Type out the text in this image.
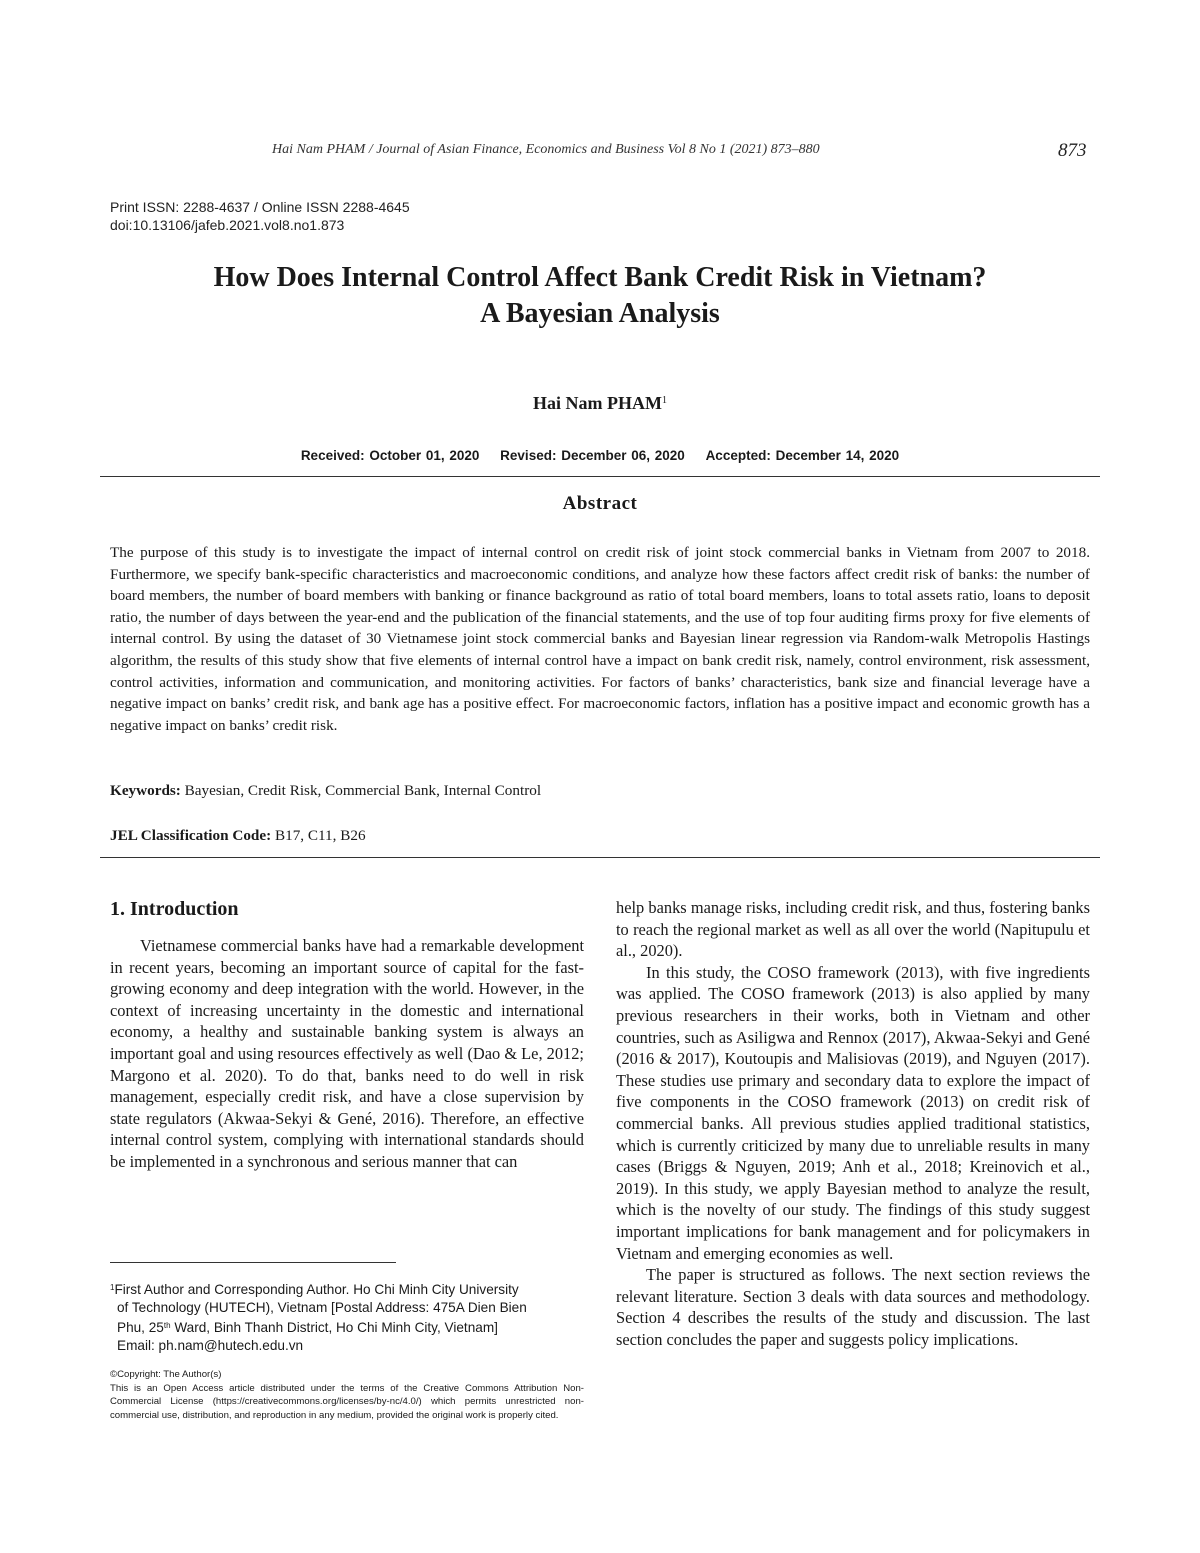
Hai Nam PHAM / Journal of Asian Finance, Economics and Business Vol 8 No 1 (2021) 873–880	873
Print ISSN: 2288-4637 / Online ISSN 2288-4645
doi:10.13106/jafeb.2021.vol8.no1.873
How Does Internal Control Affect Bank Credit Risk in Vietnam?
A Bayesian Analysis
Hai Nam PHAM$^1$
Received: October 01, 2020 Revised: December 06, 2020 Accepted: December 14, 2020
Abstract
The purpose of this study is to investigate the impact of internal control on credit risk of joint stock commercial banks in Vietnam from 2007 to 2018. Furthermore, we specify bank-specific characteristics and macroeconomic conditions, and analyze how these factors affect credit risk of banks: the number of board members, the number of board members with banking or finance background as ratio of total board members, loans to total assets ratio, loans to deposit ratio, the number of days between the year-end and the publication of the financial statements, and the use of top four auditing firms proxy for five elements of internal control. By using the dataset of 30 Vietnamese joint stock commercial banks and Bayesian linear regression via Random-walk Metropolis Hastings algorithm, the results of this study show that five elements of internal control have a impact on bank credit risk, namely, control environment, risk assessment, control activities, information and communication, and monitoring activities. For factors of banks’ characteristics, bank size and financial leverage have a negative impact on banks’ credit risk, and bank age has a positive effect. For macroeconomic factors, inflation has a positive impact and economic growth has a negative impact on banks’ credit risk.
Keywords: Bayesian, Credit Risk, Commercial Bank, Internal Control
JEL Classification Code: B17, C11, B26
1. Introduction

Vietnamese commercial banks have had a remarkable development in recent years, becoming an important source of capital for the fast-growing economy and deep integration with the world. However, in the context of increasing uncertainty in the domestic and international economy, a healthy and sustainable banking system is always an important goal and using resources effectively as well (Dao & Le, 2012; Margono et al. 2020). To do that, banks need to do well in risk management, especially credit risk, and have a close supervision by state regulators (Akwaa-Sekyi & Gené, 2016). Therefore, an effective internal control system, complying with international standards should be implemented in a synchronous and serious manner that can

help banks manage risks, including credit risk, and thus, fostering banks to reach the regional market as well as all over the world (Napitupulu et al., 2020).

In this study, the COSO framework (2013), with five ingredients was applied. The COSO framework (2013) is also applied by many previous researchers in their works, both in Vietnam and other countries, such as Asiligwa and Rennox (2017), Akwaa-Sekyi and Gené (2016 & 2017), Koutoupis and Malisiovas (2019), and Nguyen (2017). These studies use primary and secondary data to explore the impact of five components in the COSO framework (2013) on credit risk of commercial banks. All previous studies applied traditional statistics, which is currently criticized by many due to unreliable results in many cases (Briggs & Nguyen, 2019; Anh et al., 2018; Kreinovich et al., 2019). In this study, we apply Bayesian method to analyze the result, which is the novelty of our study. The findings of this study suggest important implications for bank management and for policymakers in Vietnam and emerging economies as well.

The paper is structured as follows. The next section reviews the relevant literature. Section 3 deals with data sources and methodology. Section 4 describes the results of the study and discussion. The last section concludes the paper and suggests policy implications.

$^1$First Author and Corresponding Author. Ho Chi Minh City University
of Technology (HUTECH), Vietnam [Postal Address: 475A Dien Bien
Phu, 25th Ward, Binh Thanh District, Ho Chi Minh City, Vietnam]
Email: ph.nam@hutech.edu.vn
©Copyright: The Author(s)
This is an Open Access article distributed under the terms of the Creative Commons Attribution Non-Commercial License (https://creativecommons.org/licenses/by-nc/4.0/) which permits unrestricted non-commercial use, distribution, and reproduction in any medium, provided the original work is properly cited.
